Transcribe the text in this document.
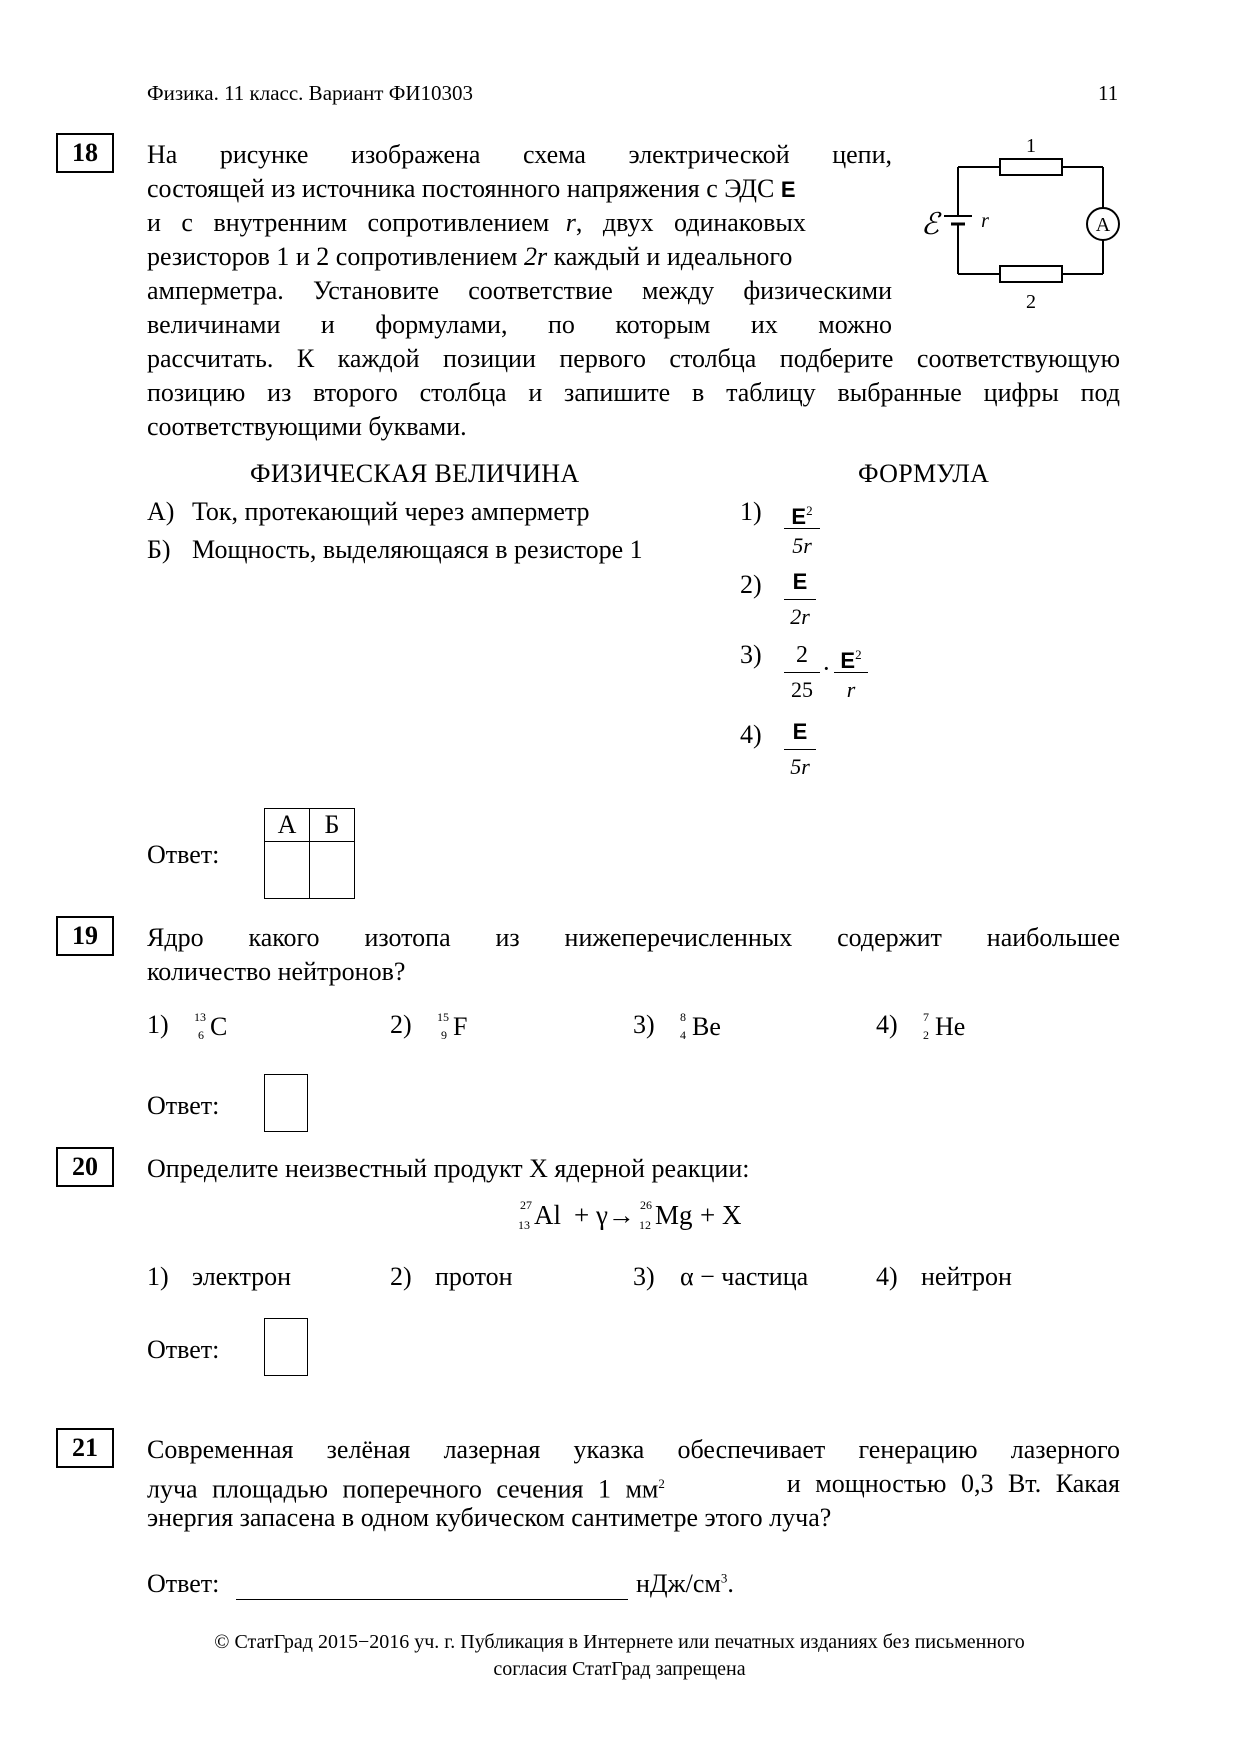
Физика. 11 класс. Вариант ФИ10303	11
18	На рисунке изображена схема электрической цепи,
состоящей из источника постоянного напряжения с ЭДС E
и с внутренним сопротивлением r, двух одинаковых
резисторов 1 и 2 сопротивлением 2r каждый и идеального
амперметра. Установите соответствие между физическими
величинами и формулами, по которым их можно
рассчитать. К каждой позиции первого столбца подберите соответствующую
позицию из второго столбца и запишите в таблицу выбранные цифры под
соответствующими буквами.
1
2
A
ℰ r
ФИЗИЧЕСКАЯ ВЕЛИЧИНА	ФОРМУЛА
А) Ток, протекающий через амперметр
Б) Мощность, выделяющаяся в резисторе 1
1)	$E^2$
5r
2)	E
2r
3)	2
25
· $E^2$
r
4)	E
5r
Ответ:
А	Б

19	Ядро какого изотопа из нижеперечисленных содержит наибольшее
количество нейтронов?
1) 13
6 C	2) 15
9 F	3) 8
4 Be	4) 7
2 He
Ответ:
20	Определите неизвестный продукт X ядерной реакции:
27
13 Al + γ→ 26
12 Mg + X
1) электрон	2) протон	3) α − частица	4) нейтрон
Ответ:
21	Современная зелёная лазерная указка обеспечивает генерацию лазерного
луча площадью поперечного сечения 1 $мм^2$	и мощностью 0,3 Вт. Какая
энергия запасена в одном кубическом сантиметре этого луча?
Ответ:	нДж/$см^3$.
© СтатГрад 2015−2016 уч. г. Публикация в Интернете или печатных изданиях без письменного
согласия СтатГрад запрещена
